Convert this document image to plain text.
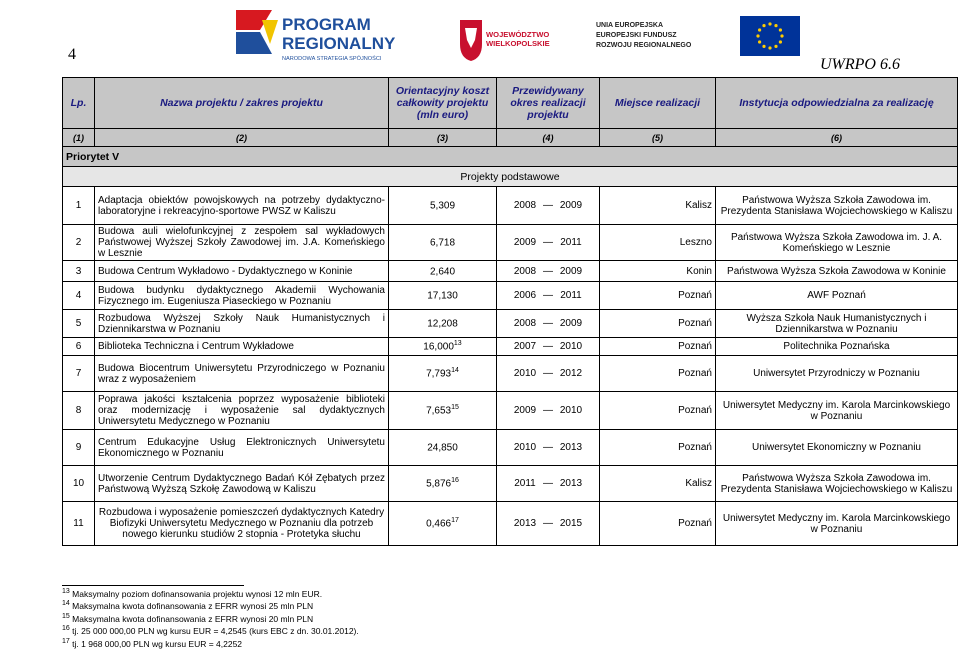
4
PROGRAM
REGIONALNY
NARODOWA STRATEGIA SPÓJNOŚCI
WOJEWÓDZTWO
WIELKOPOLSKIE
UNIA EUROPEJSKA
EUROPEJSKI FUNDUSZ
ROZWOJU REGIONALNEGO
UWRPO 6.6
Lp.	Nazwa projektu / zakres projektu	Orientacyjny koszt całkowity projektu (mln euro)	Przewidywany okres realizacji projektu	Miejsce realizacji	Instytucja odpowiedzialna za realizację
(1)	(2)	(3)	(4)	(5)	(6)
Priorytet V					
Projekty podstawowe					
1	Adaptacja obiektów powojskowych na potrzeby dydaktyczno-laboratoryjne i rekreacyjno-sportowe PWSZ w Kaliszu	5,309	2008 — 2009	Kalisz	Państwowa Wyższa Szkoła Zawodowa im. Prezydenta Stanisława Wojciechowskiego w Kaliszu
2	Budowa auli wielofunkcyjnej z zespołem sal wykładowych Państwowej Wyższej Szkoły Zawodowej im. J.A. Komeńskiego w Lesznie	6,718	2009 — 2011	Leszno	Państwowa Wyższa Szkoła Zawodowa im. J. A. Komeńskiego w Lesznie
3	Budowa Centrum Wykładowo - Dydaktycznego w Koninie	2,640	2008 — 2009	Konin	Państwowa Wyższa Szkoła Zawodowa w Koninie
4	Budowa budynku dydaktycznego Akademii Wychowania Fizycznego im. Eugeniusza Piaseckiego w Poznaniu	17,130	2006 — 2011	Poznań	AWF Poznań
5	Rozbudowa Wyższej Szkoły Nauk Humanistycznych i Dziennikarstwa w Poznaniu	12,208	2008 — 2009	Poznań	Wyższa Szkoła Nauk Humanistycznych i Dziennikarstwa w Poznaniu
6	Biblioteka Techniczna i Centrum Wykładowe	16,000$^{13}$	2007 — 2010	Poznań	Politechnika Poznańska
7	Budowa Biocentrum Uniwersytetu Przyrodniczego w Poznaniu wraz z wyposażeniem	7,793$^{14}$	2010 — 2012	Poznań	Uniwersytet Przyrodniczy w Poznaniu
8	Poprawa jakości kształcenia poprzez wyposażenie biblioteki oraz modernizację i wyposażenie sal dydaktycznych Uniwersytetu Medycznego w Poznaniu	7,653$^{15}$	2009 — 2010	Poznań	Uniwersytet Medyczny im. Karola Marcinkowskiego w Poznaniu
9	Centrum Edukacyjne Usług Elektronicznych Uniwersytetu Ekonomicznego w Poznaniu	24,850	2010 — 2013	Poznań	Uniwersytet Ekonomiczny w Poznaniu
10	Utworzenie Centrum Dydaktycznego Badań Kół Zębatych przez Państwową Wyższą Szkołę Zawodową w Kaliszu	5,876$^{16}$	2011 — 2013	Kalisz	Państwowa Wyższa Szkoła Zawodowa im. Prezydenta Stanisława Wojciechowskiego w Kaliszu
11	Rozbudowa i wyposażenie pomieszczeń dydaktycznych Katedry Biofizyki Uniwersytetu Medycznego w Poznaniu dla potrzeb nowego kierunku studiów 2 stopnia - Protetyka słuchu	0,466$^{17}$	2013 — 2015	Poznań	Uniwersytet Medyczny im. Karola Marcinkowskiego w Poznaniu
$^{13}$ Maksymalny poziom dofinansowania projektu wynosi 12 mln EUR.
$^{14}$ Maksymalna kwota dofinansowania z EFRR wynosi 25 mln PLN
$^{15}$ Maksymalna kwota dofinansowania z EFRR wynosi 20 mln PLN
$^{16}$ tj. 25 000 000,00 PLN wg kursu EUR = 4,2545 (kurs EBC z dn. 30.01.2012).
$^{17}$ tj. 1 968 000,00 PLN wg kursu EUR = 4,2252
